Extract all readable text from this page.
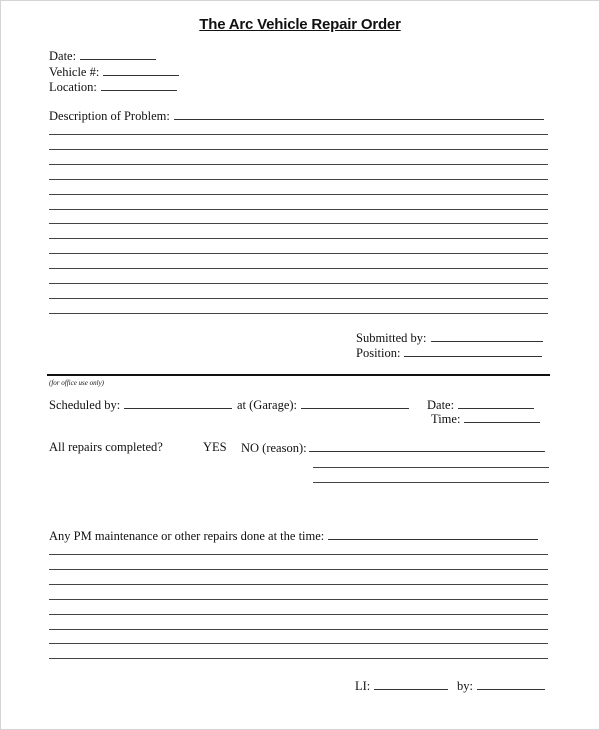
The Arc Vehicle Repair Order
Date:
Vehicle #:
Location:
Description of Problem:
Submitted by:
Position:
(for office use only)
Scheduled by:	at (Garage):	Date:
Time:
All repairs completed?	YES NO (reason):
Any PM maintenance or other repairs done at the time:
LI:	by:
